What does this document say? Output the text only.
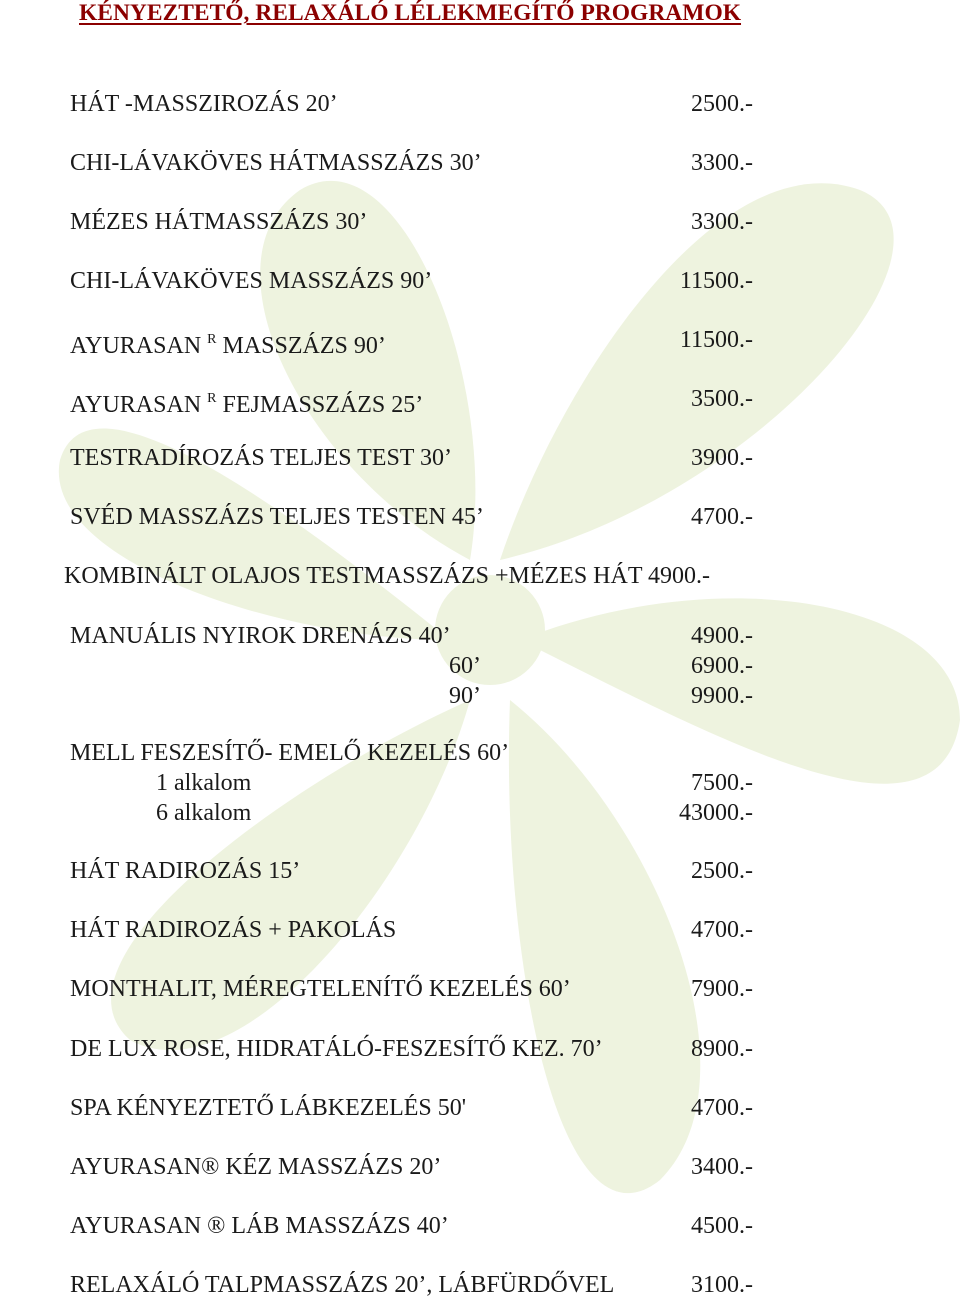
KÉNYEZTETŐ, RELAXÁLÓ LÉLEKMEGÍTŐ PROGRAMOK
HÁT -MASSZIROZÁS 20’	2500.-
CHI-LÁVAKÖVES HÁTMASSZÁZS 30’	3300.-
MÉZES HÁTMASSZÁZS 30’	3300.-
CHI-LÁVAKÖVES MASSZÁZS 90’	11500.-
AYURASAN $^R$ MASSZÁZS 90’	11500.-
AYURASAN $^R$ FEJMASSZÁZS 25’	3500.-
TESTRADÍROZÁS TELJES TEST 30’	3900.-
SVÉD MASSZÁZS TELJES TESTEN 45’	4700.-
KOMBINÁLT OLAJOS TESTMASSZÁZS +MÉZES HÁT 4900.-
MANUÁLIS NYIROK DRENÁZS 40’	4900.-
60’	6900.-
90’	9900.-
MELL FESZESÍTŐ- EMELŐ KEZELÉS 60’
1 alkalom	7500.-
6 alkalom	43000.-
HÁT RADIROZÁS 15’	2500.-
HÁT RADIROZÁS + PAKOLÁS	4700.-
MONTHALIT, MÉREGTELENÍTŐ KEZELÉS 60’	7900.-
DE LUX ROSE, HIDRATÁLÓ-FESZESÍTŐ KEZ. 70’	8900.-
SPA KÉNYEZTETŐ LÁBKEZELÉS 50'	4700.-
AYURASAN® KÉZ MASSZÁZS 20’	3400.-
AYURASAN ® LÁB MASSZÁZS 40’	4500.-
RELAXÁLÓ TALPMASSZÁZS 20’, LÁBFÜRDŐVEL	3100.-
